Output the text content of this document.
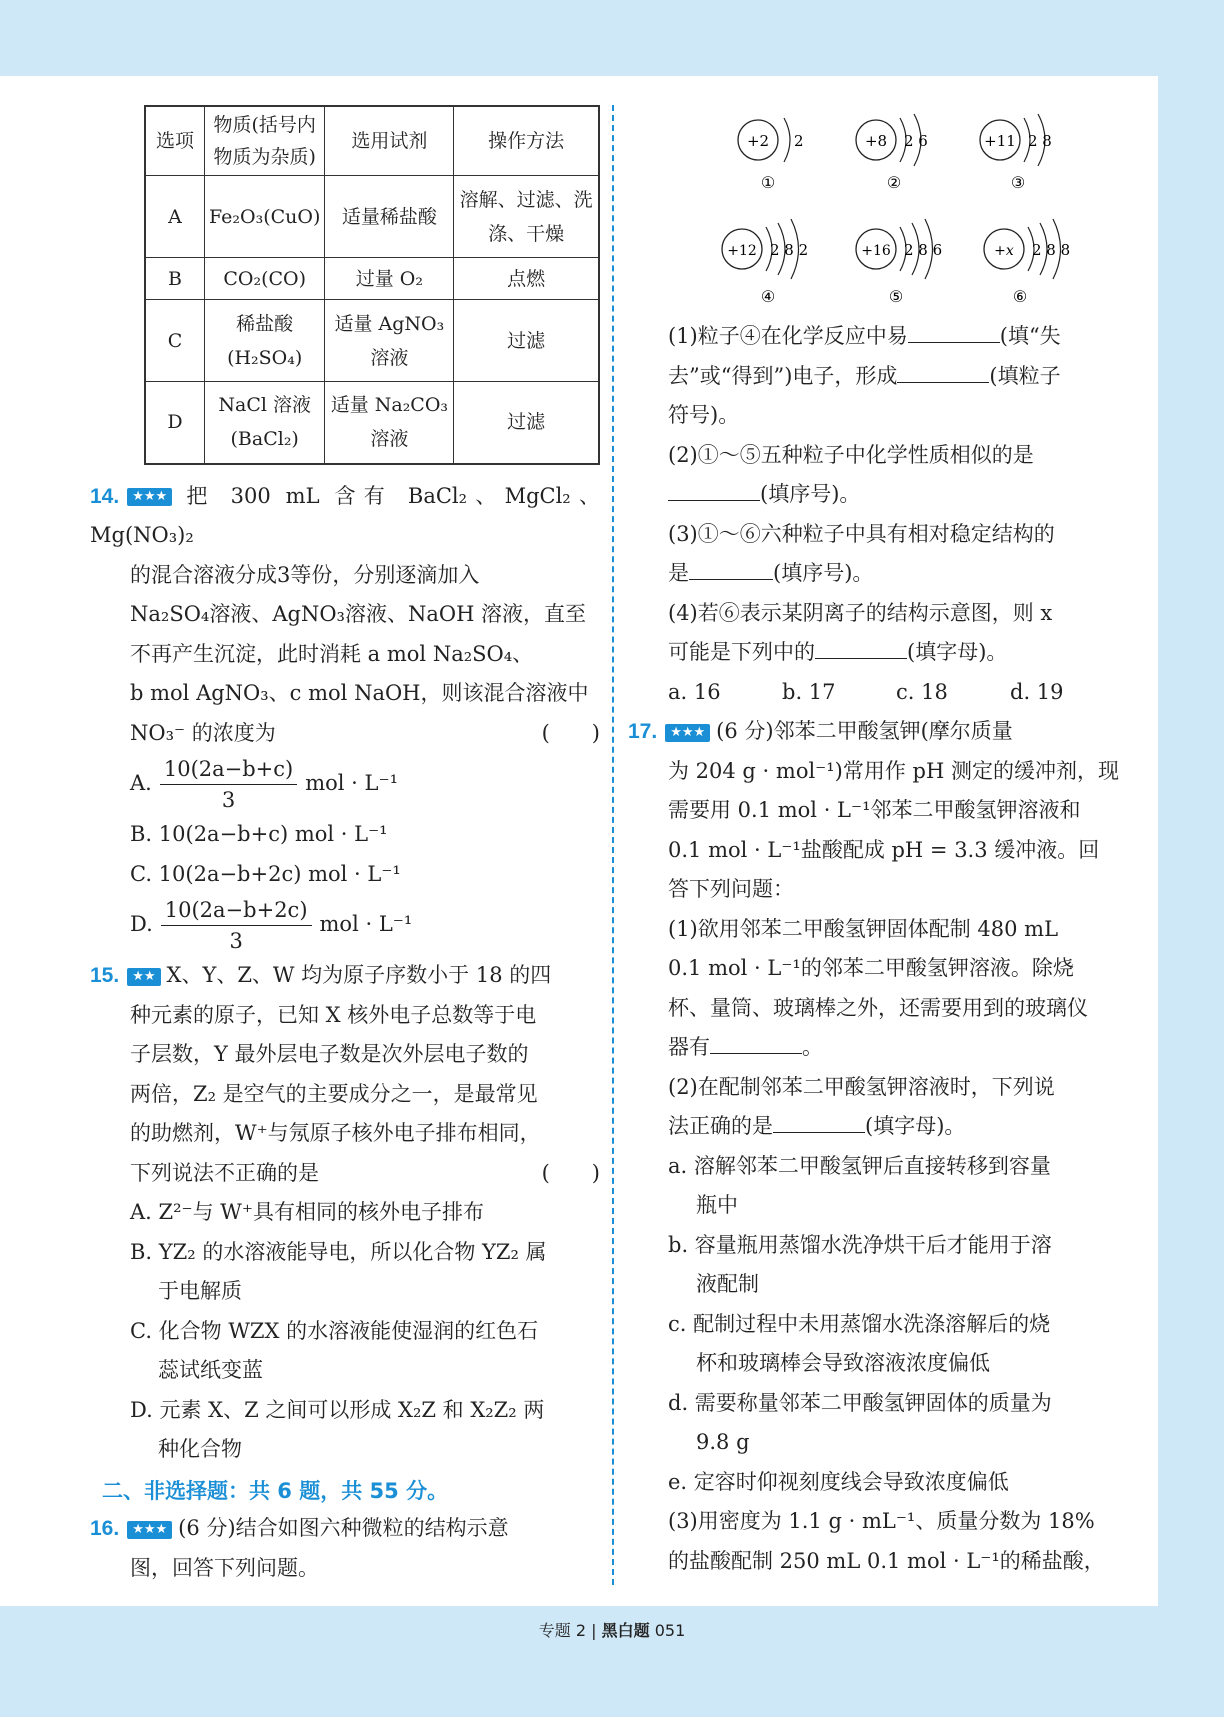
选项	物质(括号内物质为杂质)	选用试剂	操作方法
A	Fe₂O₃(CuO)	适量稀盐酸	溶解、过滤、洗涤、干燥
B	CO₂(CO)	过量 O₂	点燃
C	稀盐酸(H₂SO₄)	适量 AgNO₃ 溶液	过滤
D	NaCl 溶液(BaCl₂)	适量 Na₂CO₃ 溶液	过滤

14. ★★★ 把 300 mL 含有 BaCl₂、MgCl₂、Mg(NO₃)₂

的混合溶液分成3等份，分别逐滴加入

Na₂SO₄溶液、AgNO₃溶液、NaOH 溶液，直至

不再产生沉淀，此时消耗 a mol Na₂SO₄、

b mol AgNO₃、c mol NaOH，则该混合溶液中

NO₃⁻ 的浓度为	(　　)

A. $\frac{10(2a-b+c)}{3}$ mol · L⁻¹

B. 10(2a−b+c) mol · L⁻¹

C. 10(2a−b+2c) mol · L⁻¹

D. $\frac{10(2a-b+2c)}{3}$ mol · L⁻¹

15. ★★ X、Y、Z、W 均为原子序数小于 18 的四

种元素的原子，已知 X 核外电子总数等于电

子层数，Y 最外层电子数是次外层电子数的

两倍，Z₂ 是空气的主要成分之一，是最常见

的助燃剂，W⁺与氖原子核外电子排布相同，

下列说法不正确的是	(　　)

A. Z²⁻与 W⁺具有相同的核外电子排布

B. YZ₂ 的水溶液能导电，所以化合物 YZ₂ 属

于电解质

C. 化合物 WZX 的水溶液能使湿润的红色石

蕊试纸变蓝

D. 元素 X、Z 之间可以形成 X₂Z 和 X₂Z₂ 两

种化合物

二、非选择题：共 6 题，共 55 分。

16. ★★★ (6 分)结合如图六种微粒的结构示意

图，回答下列问题。

+2 2
①
+8 2 6
②
+11 2 8
③
+12 2 8 2
④
+16 2 8 6
⑤
+x 2 8 8
⑥

(1)粒子④在化学反应中易	(填“失

去”或“得到”)电子，形成	(填粒子

符号)。

(2)①～⑤五种粒子中化学性质相似的是

(填序号)。

(3)①～⑥六种粒子中具有相对稳定结构的

是	(填序号)。

(4)若⑥表示某阴离子的结构示意图，则 x

可能是下列中的	(填字母)。

a. 16	b. 17	c. 18	d. 19

17. ★★★ (6 分)邻苯二甲酸氢钾(摩尔质量

为 204 g · mol⁻¹)常用作 pH 测定的缓冲剂，现

需要用 0.1 mol · L⁻¹邻苯二甲酸氢钾溶液和

0.1 mol · L⁻¹盐酸配成 pH = 3.3 缓冲液。回

答下列问题：

(1)欲用邻苯二甲酸氢钾固体配制 480 mL

0.1 mol · L⁻¹的邻苯二甲酸氢钾溶液。除烧

杯、量筒、玻璃棒之外，还需要用到的玻璃仪

器有	。

(2)在配制邻苯二甲酸氢钾溶液时，下列说

法正确的是	(填字母)。

a. 溶解邻苯二甲酸氢钾后直接转移到容量

瓶中

b. 容量瓶用蒸馏水洗净烘干后才能用于溶

液配制

c. 配制过程中未用蒸馏水洗涤溶解后的烧

杯和玻璃棒会导致溶液浓度偏低

d. 需要称量邻苯二甲酸氢钾固体的质量为

9.8 g

e. 定容时仰视刻度线会导致浓度偏低

(3)用密度为 1.1 g · mL⁻¹、质量分数为 18%

的盐酸配制 250 mL 0.1 mol · L⁻¹的稀盐酸，

专题 2 | 黑白题 051
